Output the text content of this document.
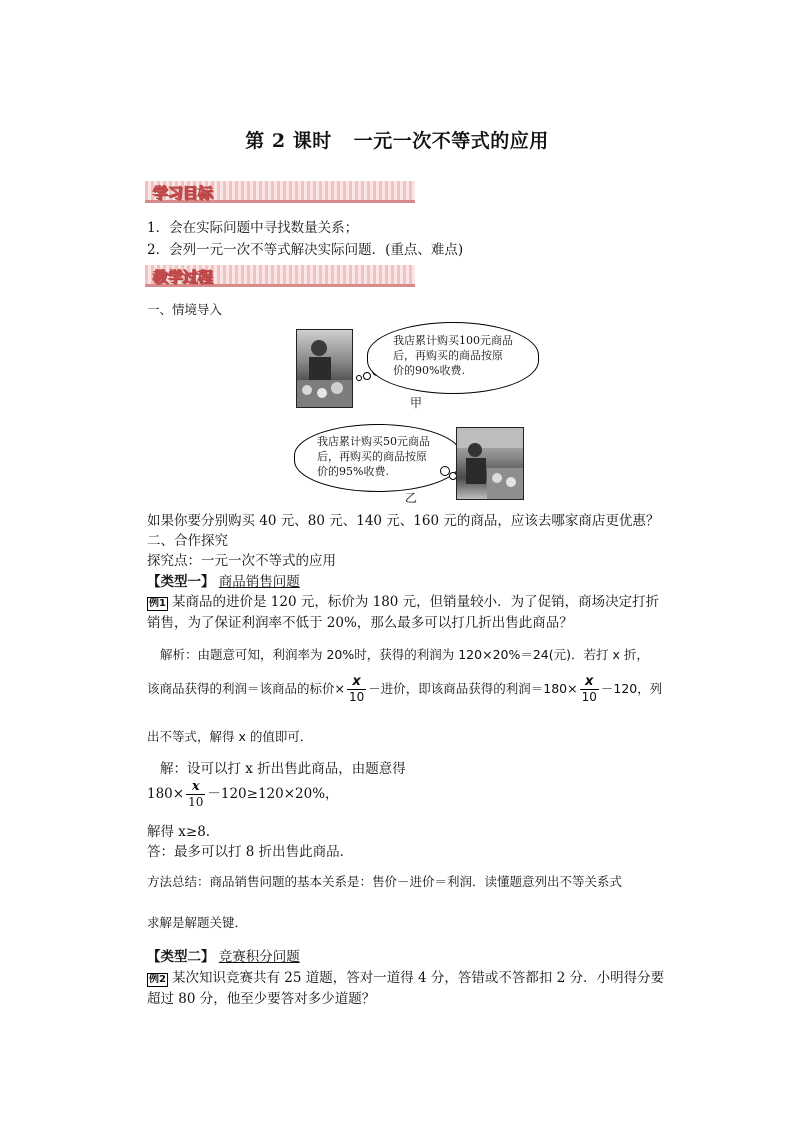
第 2 课时 一元一次不等式的应用
学习目标
1．会在实际问题中寻找数量关系；
2．会列一元一次不等式解决实际问题．(重点、难点)
教学过程
一、情境导入
我店累计购买100元商品
后，再购买的商品按原
价的90%收费.
甲
我店累计购买50元商品
后，再购买的商品按原
价的95%收费.
乙
如果你要分别购买 40 元、80 元、140 元、160 元的商品，应该去哪家商店更优惠？
二、合作探究
探究点：一元一次不等式的应用
【类型一】 商品销售问题
例1 某商品的进价是 120 元，标价为 180 元，但销量较小．为了促销，商场决定打折
销售，为了保证利润率不低于 20%，那么最多可以打几折出售此商品？
解析：由题意可知，利润率为 20%时，获得的利润为 120×20%＝24(元)．若打 x 折，
该商品获得的利润＝该商品的标价× $\frac{x}{10}$ －进价，即该商品获得的利润$=180\times \frac{x}{10} -120$，列
出不等式，解得 x 的值即可．
解：设可以打 x 折出售此商品，由题意得
$180\times \frac{x}{10} -120\ge 120\times 20\%$，
解得 x≥8.
答：最多可以打 8 折出售此商品．
方法总结：商品销售问题的基本关系是：售价－进价＝利润．读懂题意列出不等关系式
求解是解题关键．
【类型二】 竞赛积分问题
例2 某次知识竞赛共有 25 道题，答对一道得 4 分，答错或不答都扣 2 分．小明得分要
超过 80 分，他至少要答对多少道题？
